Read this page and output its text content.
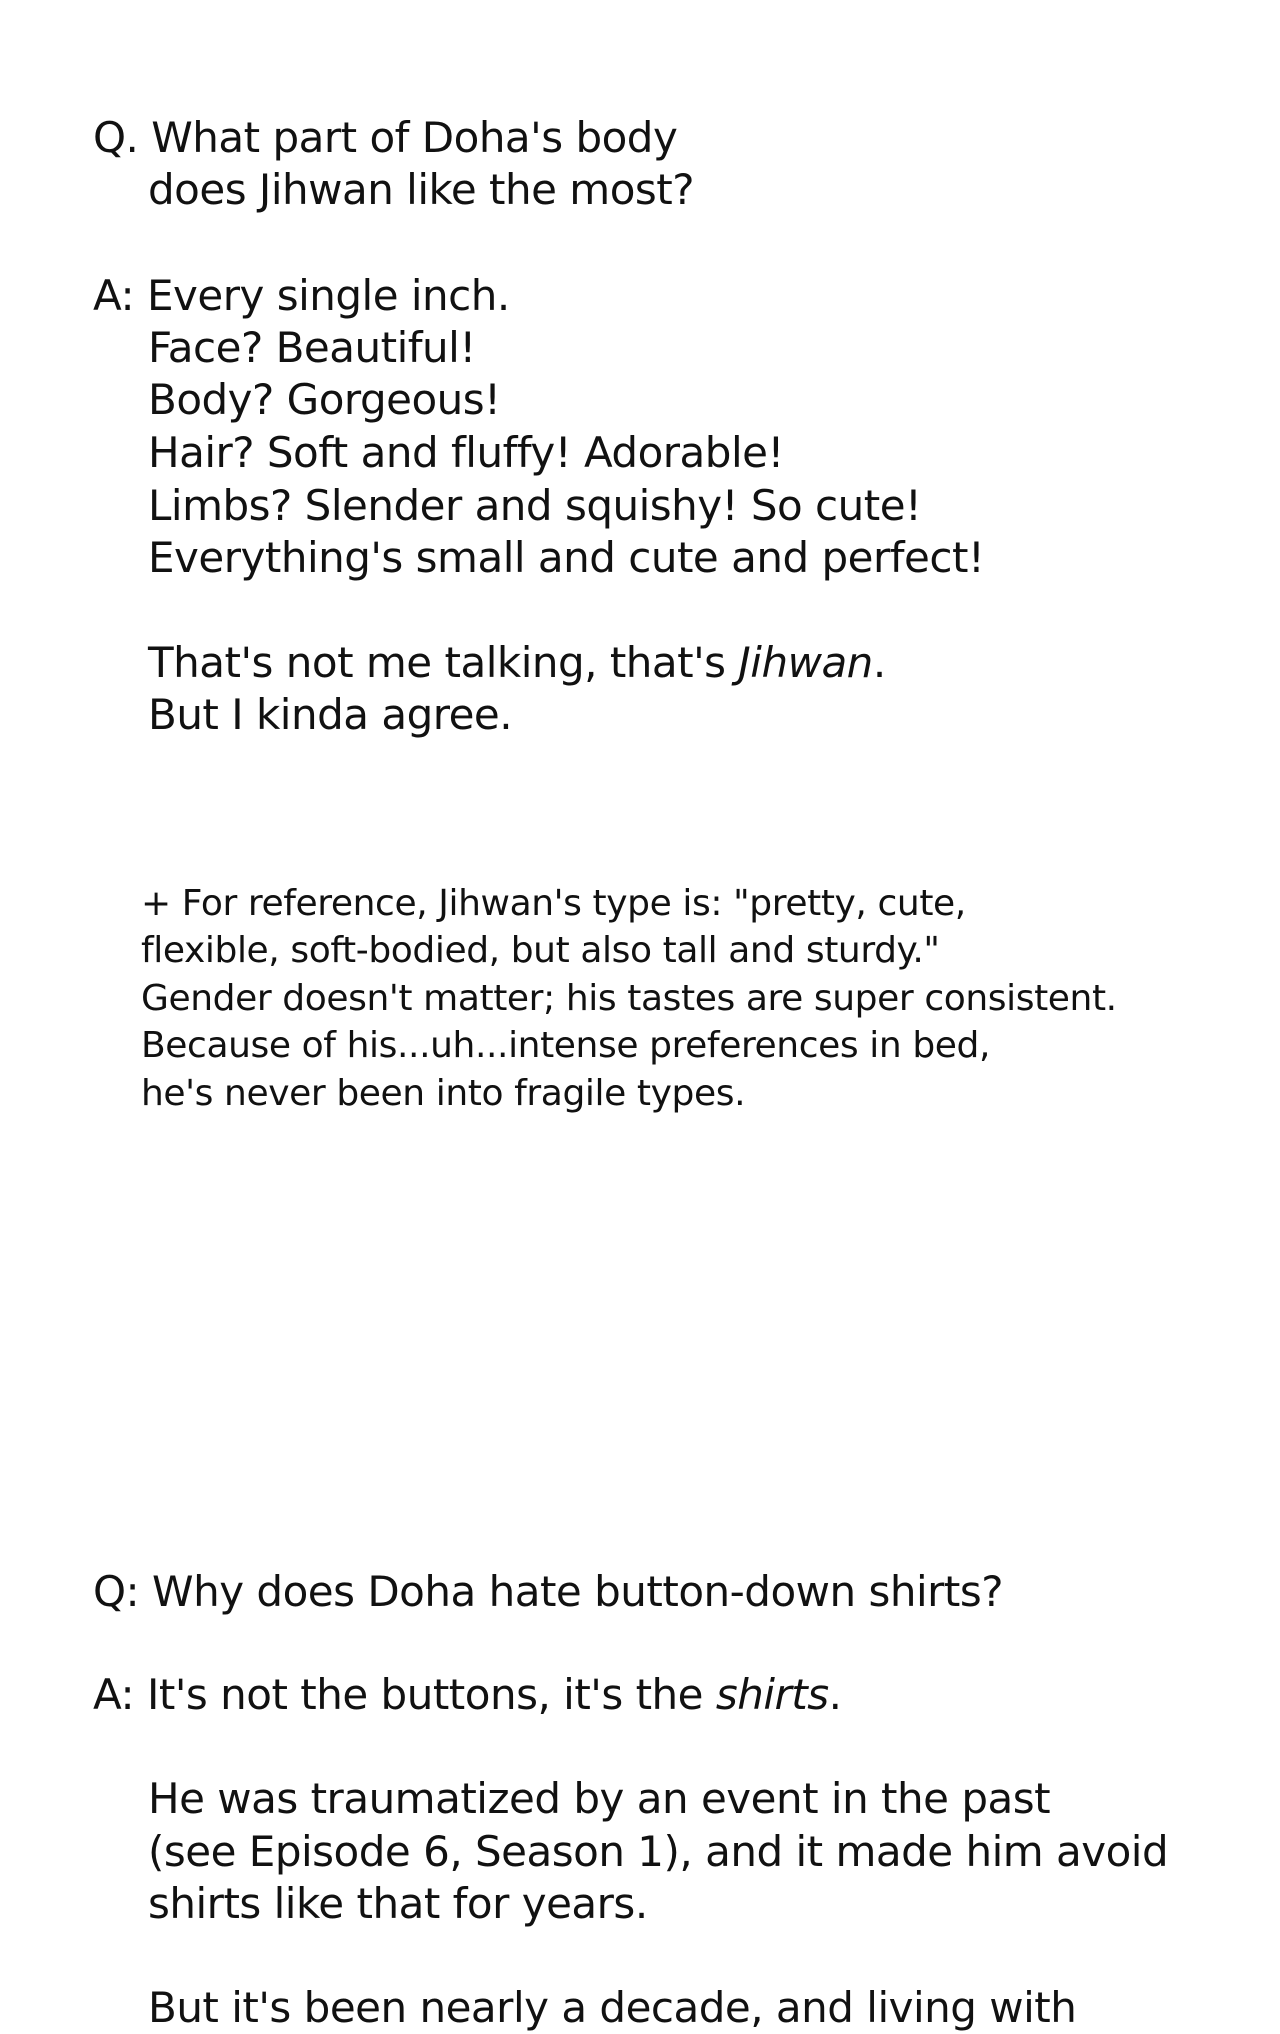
Q. What part of Doha's body
does Jihwan like the most?
A: Every single inch.
Face? Beautiful!
Body? Gorgeous!
Hair? Soft and fluffy! Adorable!
Limbs? Slender and squishy! So cute!
Everything's small and cute and perfect!
That's not me talking, that's Jihwan.
But I kinda agree.
+ For reference, Jihwan's type is: "pretty, cute,
flexible, soft-bodied, but also tall and sturdy."
Gender doesn't matter; his tastes are super consistent.
Because of his...uh...intense preferences in bed,
he's never been into fragile types.
Q: Why does Doha hate button-down shirts?
A: It's not the buttons, it's the shirts.
He was traumatized by an event in the past
(see Episode 6, Season 1), and it made him avoid
shirts like that for years.
But it's been nearly a decade, and living with
